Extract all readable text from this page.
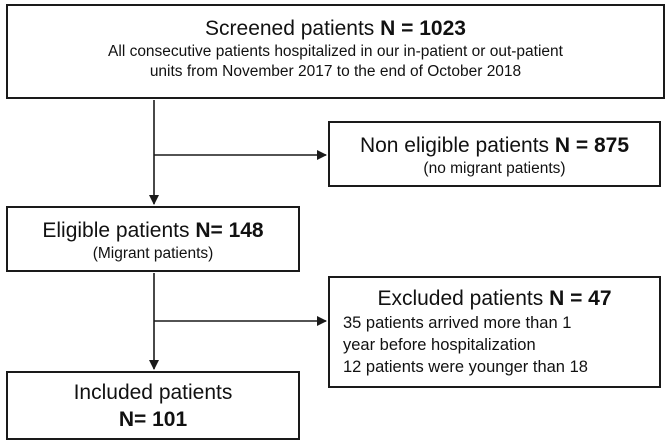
Screened patients N = 1023
All consecutive patients hospitalized in our in-patient or out-patient
units from November 2017 to the end of October 2018
Non eligible patients N = 875
(no migrant patients)
Eligible patients N= 148
(Migrant patients)
Excluded patients N = 47
35 patients arrived more than 1
year before hospitalization
12 patients were younger than 18
Included patients
N= 101
